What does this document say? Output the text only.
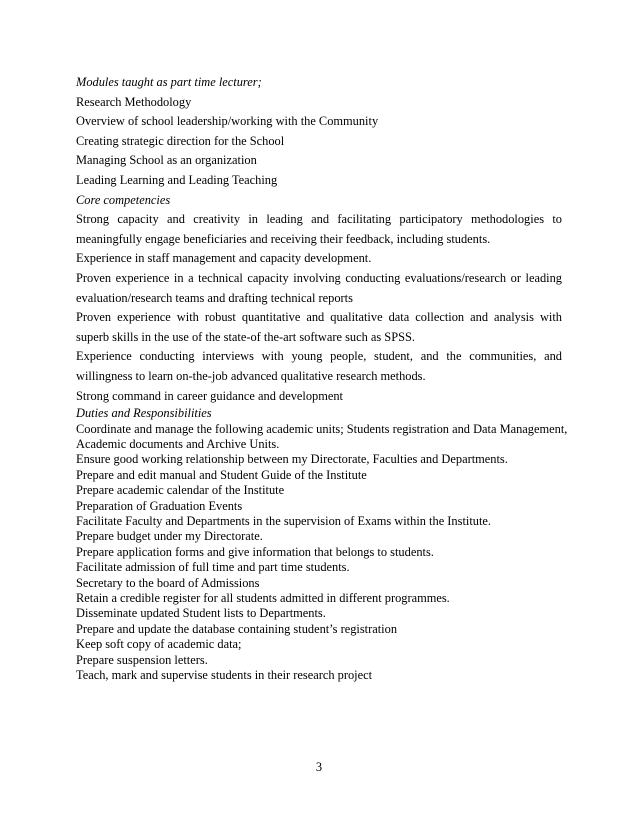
Modules taught as part time lecturer;

Research Methodology

Overview of school leadership/working with the Community

Creating strategic direction for the School

Managing School as an organization

Leading Learning and Leading Teaching

Core competencies

Strong capacity and creativity in leading and facilitating participatory methodologies to meaningfully engage beneficiaries and receiving their feedback, including students.

Experience in staff management and capacity development.

Proven experience in a technical capacity involving conducting evaluations/research or leading evaluation/research teams and drafting technical reports

Proven experience with robust quantitative and qualitative data collection and analysis with superb skills in the use of the state-of the-art software such as SPSS.

Experience conducting interviews with young people, student, and the communities, and willingness to learn on-the-job advanced qualitative research methods.

Strong command in career guidance and development

Duties and Responsibilities

Coordinate and manage the following academic units; Students registration and Data Management,

Academic documents and Archive Units.

Ensure good working relationship between my Directorate, Faculties and Departments.

Prepare and edit manual and Student Guide of the Institute

Prepare academic calendar of the Institute

Preparation of Graduation Events

Facilitate Faculty and Departments in the supervision of Exams within the Institute.

Prepare budget under my Directorate.

Prepare application forms and give information that belongs to students.

Facilitate admission of full time and part time students.

Secretary to the board of Admissions

Retain a credible register for all students admitted in different programmes.

Disseminate updated Student lists to Departments.

Prepare and update the database containing student’s registration

Keep soft copy of academic data;

Prepare suspension letters.

Teach, mark and supervise students in their research project

3
